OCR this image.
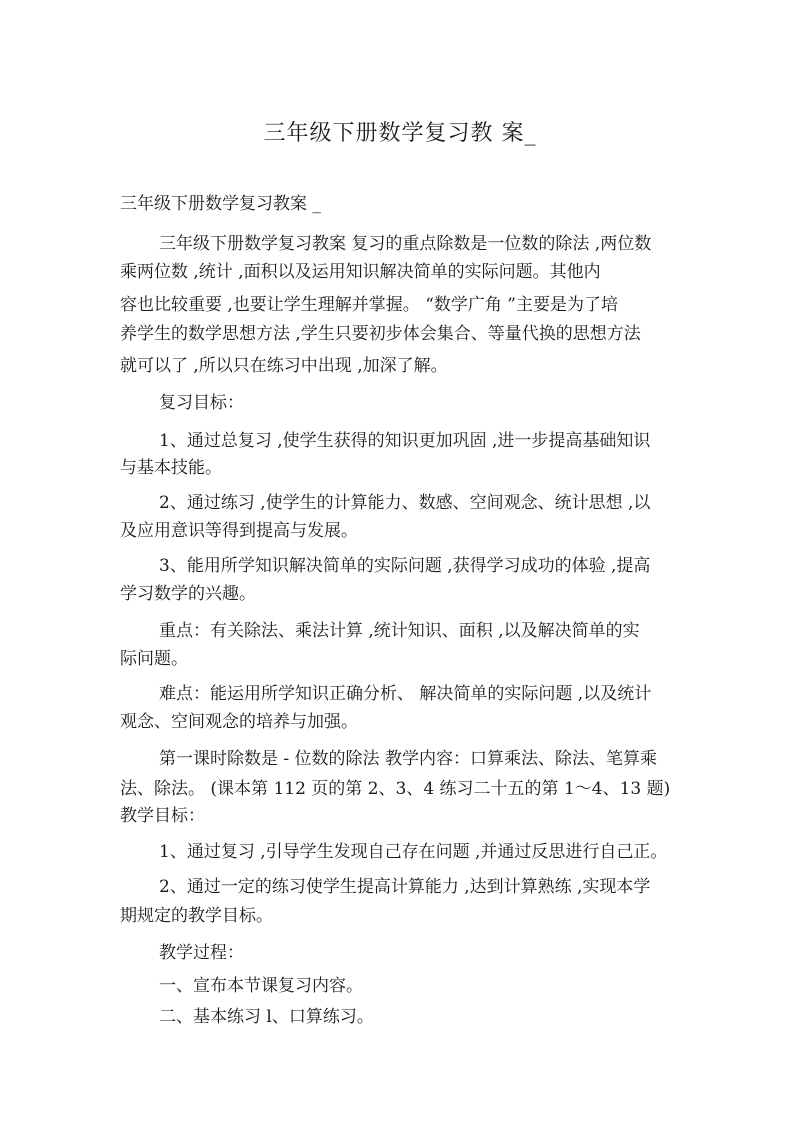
三年级下册数学复习教 案_
三年级下册数学复习教案 _
三年级下册数学复习教案 复习的重点除数是一位数的除法 ,两位数
乘两位数 ,统计 ,面积以及运用知识解决简单的实际问题。其他内
容也比较重要 ,也要让学生理解并掌握。 “数学广角 ”主要是为了培
养学生的数学思想方法 ,学生只要初步体会集合、等量代换的思想方法
就可以了 ,所以只在练习中出现 ,加深了解。
复习目标：
1、通过总复习 ,使学生获得的知识更加巩固 ,进一步提高基础知识
与基本技能。
2、通过练习 ,使学生的计算能力、数感、空间观念、统计思想 ,以
及应用意识等得到提高与发展。
3、能用所学知识解决简单的实际问题 ,获得学习成功的体验 ,提高
学习数学的兴趣。
重点：有关除法、乘法计算 ,统计知识、面积 ,以及解决简单的实
际问题。
难点：能运用所学知识正确分析、 解决简单的实际问题 ,以及统计
观念、空间观念的培养与加强。
第一课时除数是 - 位数的除法 教学内容：口算乘法、除法、笔算乘
法、除法。 (课本第 112 页的第 2、3、4 练习二十五的第 1～4、13 题)
教学目标：
1、通过复习 ,引导学生发现自己存在问题 ,并通过反思进行自己正。
2、通过一定的练习使学生提高计算能力 ,达到计算熟练 ,实现本学
期规定的教学目标。
教学过程：
一、宣布本节课复习内容。
二、基本练习 l、口算练习。
